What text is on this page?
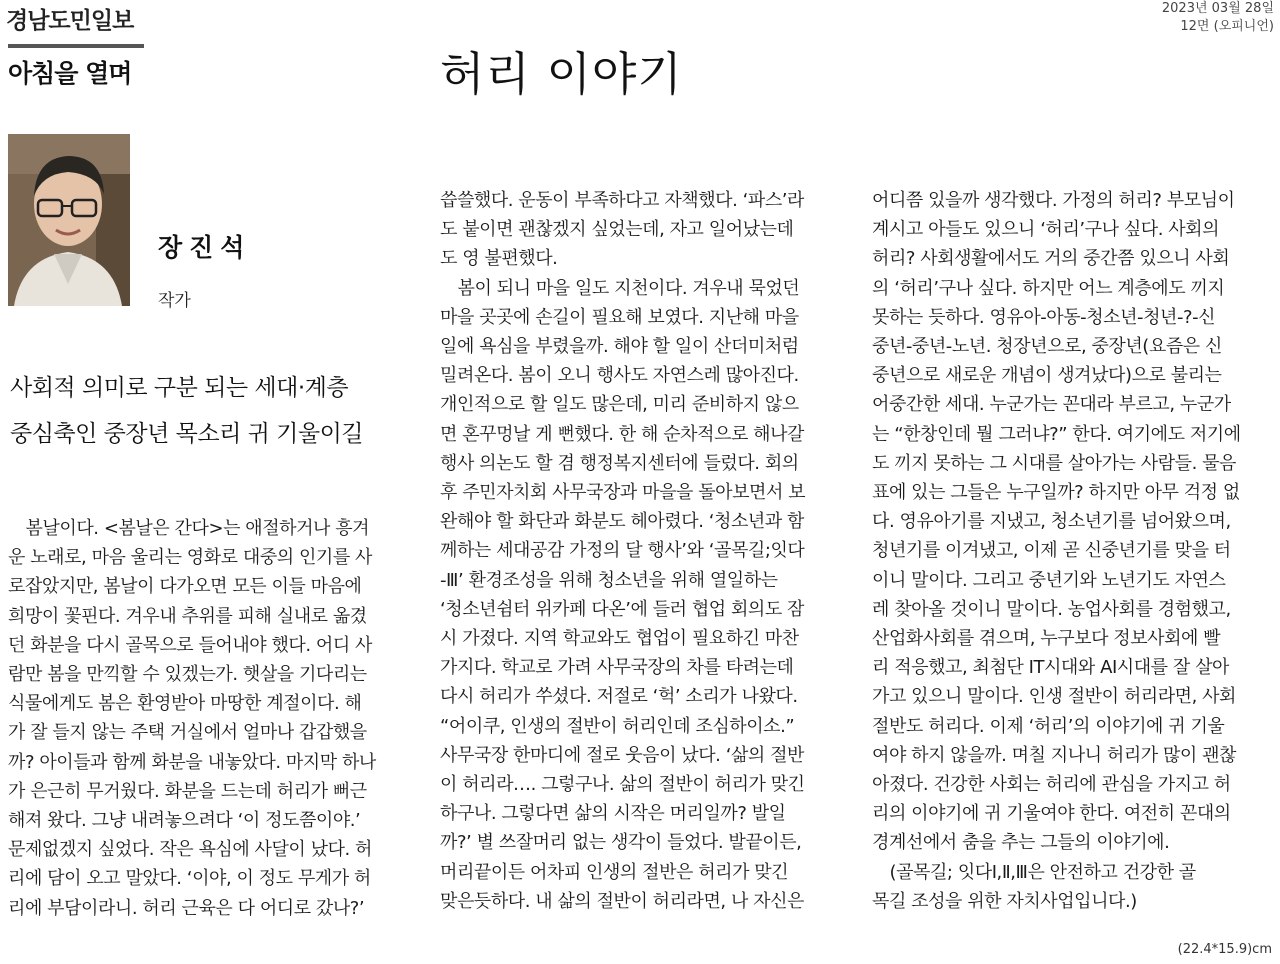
경남도민일보
아침을 열며
2023년 03월 28일
12면 (오피니언)
허리 이야기
장진석
작가
사회적 의미로 구분 되는 세대·계층
중심축인 중장년 목소리 귀 기울이길
　봄날이다. <봄날은 간다>는 애절하거나 흥겨
운 노래로, 마음 울리는 영화로 대중의 인기를 사
로잡았지만, 봄날이 다가오면 모든 이들 마음에
희망이 꽃핀다. 겨우내 추위를 피해 실내로 옮겼
던 화분을 다시 골목으로 들어내야 했다. 어디 사
람만 봄을 만끽할 수 있겠는가. 햇살을 기다리는
식물에게도 봄은 환영받아 마땅한 계절이다. 해
가 잘 들지 않는 주택 거실에서 얼마나 갑갑했을
까? 아이들과 함께 화분을 내놓았다. 마지막 하나
가 은근히 무거웠다. 화분을 드는데 허리가 뻐근
해져 왔다. 그냥 내려놓으려다 ‘이 정도쯤이야.’
문제없겠지 싶었다. 작은 욕심에 사달이 났다. 허
리에 담이 오고 말았다. ‘이야, 이 정도 무게가 허
리에 부담이라니. 허리 근육은 다 어디로 갔나?’
씁쓸했다. 운동이 부족하다고 자책했다. ‘파스’라
도 붙이면 괜찮겠지 싶었는데, 자고 일어났는데
도 영 불편했다.
　봄이 되니 마을 일도 지천이다. 겨우내 묵었던
마을 곳곳에 손길이 필요해 보였다. 지난해 마을
일에 욕심을 부렸을까. 해야 할 일이 산더미처럼
밀려온다. 봄이 오니 행사도 자연스레 많아진다.
개인적으로 할 일도 많은데, 미리 준비하지 않으
면 혼꾸멍날 게 뻔했다. 한 해 순차적으로 해나갈
행사 의논도 할 겸 행정복지센터에 들렀다. 회의
후 주민자치회 사무국장과 마을을 돌아보면서 보
완해야 할 화단과 화분도 헤아렸다. ‘청소년과 함
께하는 세대공감 가정의 달 행사’와 ‘골목길;잇다
-Ⅲ’ 환경조성을 위해 청소년을 위해 열일하는
‘청소년쉼터 위카페 다온’에 들러 협업 회의도 잠
시 가졌다. 지역 학교와도 협업이 필요하긴 마찬
가지다. 학교로 가려 사무국장의 차를 타려는데
다시 허리가 쑤셨다. 저절로 ‘헉’ 소리가 나왔다.
“어이쿠, 인생의 절반이 허리인데 조심하이소.”
사무국장 한마디에 절로 웃음이 났다. ‘삶의 절반
이 허리라…. 그렇구나. 삶의 절반이 허리가 맞긴
하구나. 그렇다면 삶의 시작은 머리일까? 발일
까?’ 별 쓰잘머리 없는 생각이 들었다. 발끝이든,
머리끝이든 어차피 인생의 절반은 허리가 맞긴
맞은듯하다. 내 삶의 절반이 허리라면, 나 자신은
어디쯤 있을까 생각했다. 가정의 허리? 부모님이
계시고 아들도 있으니 ‘허리’구나 싶다. 사회의
허리? 사회생활에서도 거의 중간쯤 있으니 사회
의 ‘허리’구나 싶다. 하지만 어느 계층에도 끼지
못하는 듯하다. 영유아-아동-청소년-청년-?-신
중년-중년-노년. 청장년으로, 중장년(요즘은 신
중년으로 새로운 개념이 생겨났다)으로 불리는
어중간한 세대. 누군가는 꼰대라 부르고, 누군가
는 “한창인데 뭘 그러냐?” 한다. 여기에도 저기에
도 끼지 못하는 그 시대를 살아가는 사람들. 물음
표에 있는 그들은 누구일까? 하지만 아무 걱정 없
다. 영유아기를 지냈고, 청소년기를 넘어왔으며,
청년기를 이겨냈고, 이제 곧 신중년기를 맞을 터
이니 말이다. 그리고 중년기와 노년기도 자연스
레 찾아올 것이니 말이다. 농업사회를 경험했고,
산업화사회를 겪으며, 누구보다 정보사회에 빨
리 적응했고, 최첨단 IT시대와 AI시대를 잘 살아
가고 있으니 말이다. 인생 절반이 허리라면, 사회
절반도 허리다. 이제 ‘허리’의 이야기에 귀 기울
여야 하지 않을까. 며칠 지나니 허리가 많이 괜찮
아졌다. 건강한 사회는 허리에 관심을 가지고 허
리의 이야기에 귀 기울여야 한다. 여전히 꼰대의
경계선에서 춤을 추는 그들의 이야기에.
　(골목길; 잇다Ⅰ,Ⅱ,Ⅲ은 안전하고 건강한 골
목길 조성을 위한 자치사업입니다.)
(22.4*15.9)cm
